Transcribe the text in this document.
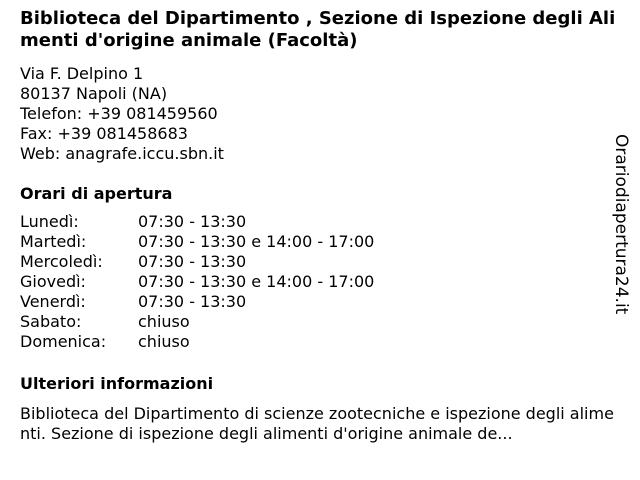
Biblioteca del Dipartimento , Sezione di Ispezione degli Alimenti d'origine animale (Facoltà)
Via F. Delpino 1
80137 Napoli (NA)
Telefon: +39 081459560
Fax: +39 081458683
Web: anagrafe.iccu.sbn.it
Orari di apertura
Lunedì:	07:30 - 13:30
Martedì:	07:30 - 13:30 e 14:00 - 17:00
Mercoledì: 07:30 - 13:30
Giovedì:	07:30 - 13:30 e 14:00 - 17:00
Venerdì:	07:30 - 13:30
Sabato:	chiuso
Domenica: chiuso
Ulteriori informazioni
Biblioteca del Dipartimento di scienze zootecniche e ispezione degli alimenti. Sezione di ispezione degli alimenti d'origine animale de...
Orariodiapertura24.it
